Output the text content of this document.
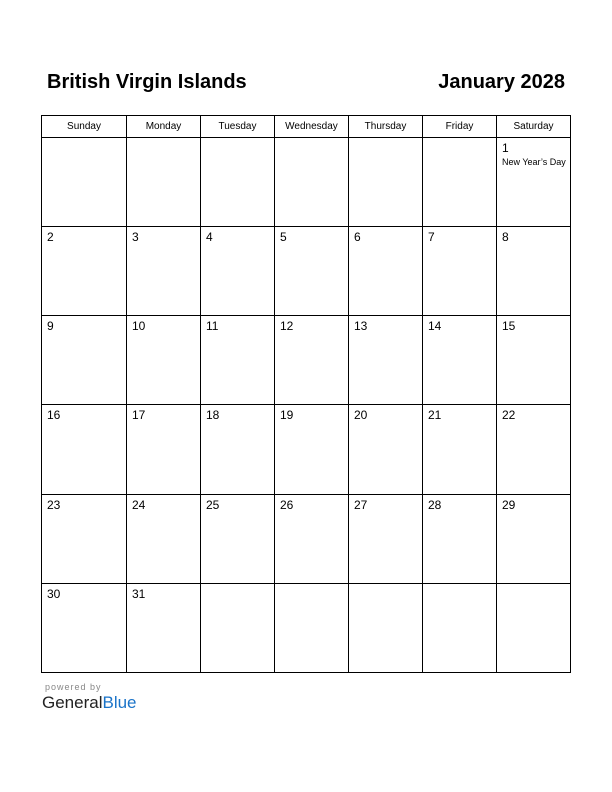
British Virgin Islands	January 2028
Sunday	Monday	Tuesday	Wednesday	Thursday	Friday	Saturday

						1
New Year’s Day

2	3	4	5	6	7	8

9	10	11	12	13	14	15

16	17	18	19	20	21	22

23	24	25	26	27	28	29

30	31					

powered by
GeneralBlue
